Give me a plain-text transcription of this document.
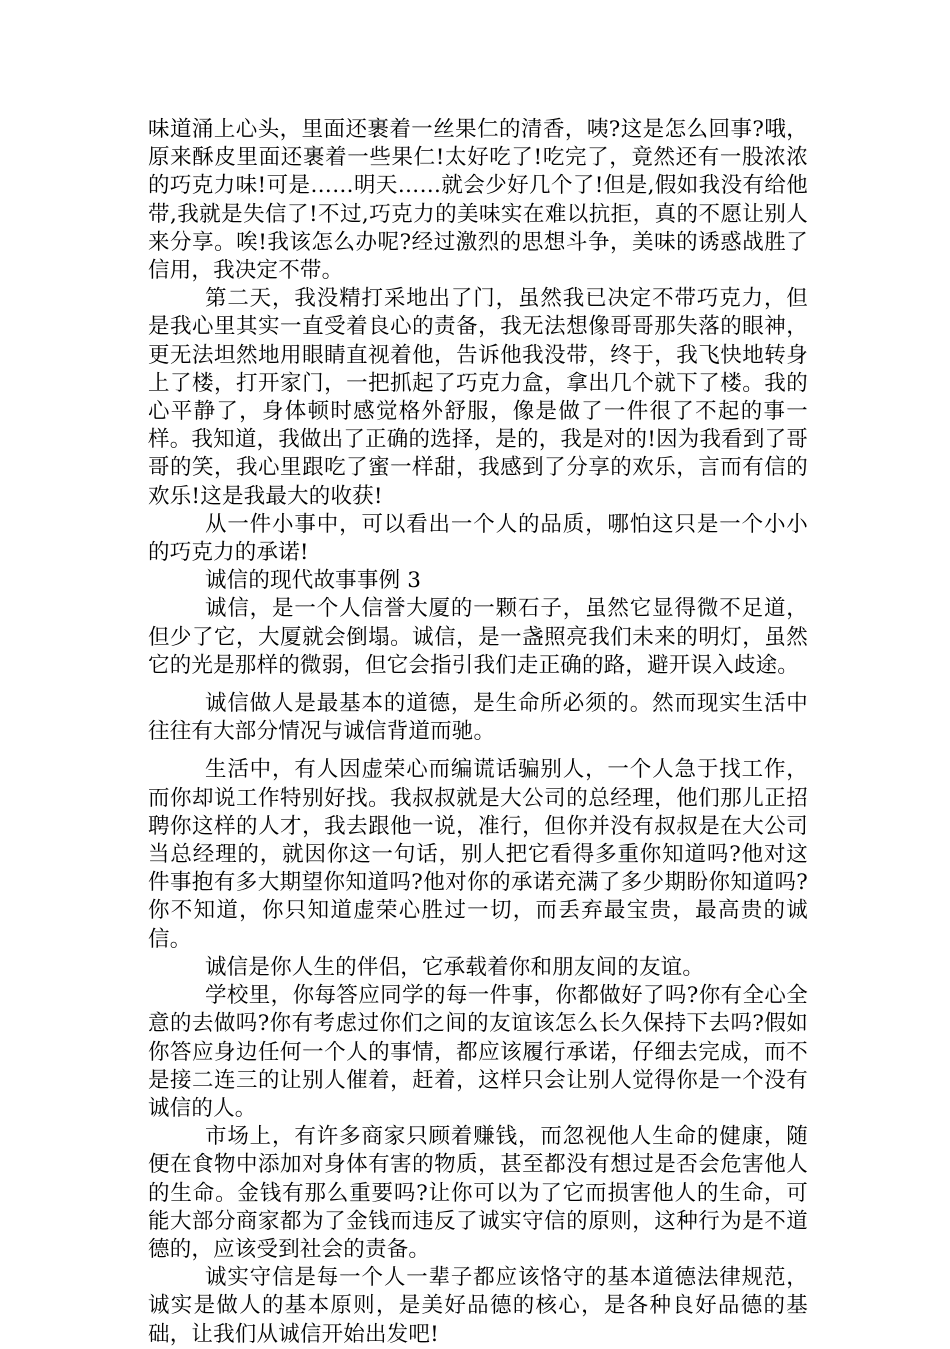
味道涌上心头，里面还裹着一丝果仁的清香，咦?这是怎么回事?哦，原来酥皮里面还裹着一些果仁!太好吃了!吃完了，竟然还有一股浓浓的巧克力味!可是……明天……就会少好几个了!但是,假如我没有给他带,我就是失信了!不过,巧克力的美味实在难以抗拒，真的不愿让别人来分享。唉!我该怎么办呢?经过激烈的思想斗争，美味的诱惑战胜了信用，我决定不带。

第二天，我没精打采地出了门，虽然我已决定不带巧克力，但是我心里其实一直受着良心的责备，我无法想像哥哥那失落的眼神，更无法坦然地用眼睛直视着他，告诉他我没带，终于，我飞快地转身上了楼，打开家门，一把抓起了巧克力盒，拿出几个就下了楼。我的心平静了，身体顿时感觉格外舒服，像是做了一件很了不起的事一样。我知道，我做出了正确的选择，是的，我是对的!因为我看到了哥哥的笑，我心里跟吃了蜜一样甜，我感到了分享的欢乐，言而有信的欢乐!这是我最大的收获!

从一件小事中，可以看出一个人的品质，哪怕这只是一个小小的巧克力的承诺!

诚信的现代故事事例 3

诚信，是一个人信誉大厦的一颗石子，虽然它显得微不足道，但少了它，大厦就会倒塌。诚信，是一盏照亮我们未来的明灯，虽然它的光是那样的微弱，但它会指引我们走正确的路，避开误入歧途。

诚信做人是最基本的道德，是生命所必须的。然而现实生活中往往有大部分情况与诚信背道而驰。

生活中，有人因虚荣心而编谎话骗别人，一个人急于找工作，而你却说工作特别好找。我叔叔就是大公司的总经理，他们那儿正招聘你这样的人才，我去跟他一说，准行，但你并没有叔叔是在大公司当总经理的，就因你这一句话，别人把它看得多重你知道吗?他对这件事抱有多大期望你知道吗?他对你的承诺充满了多少期盼你知道吗?你不知道，你只知道虚荣心胜过一切，而丢弃最宝贵，最高贵的诚信。

诚信是你人生的伴侣，它承载着你和朋友间的友谊。

学校里，你每答应同学的每一件事，你都做好了吗?你有全心全意的去做吗?你有考虑过你们之间的友谊该怎么长久保持下去吗?假如你答应身边任何一个人的事情，都应该履行承诺，仔细去完成，而不是接二连三的让别人催着，赶着，这样只会让别人觉得你是一个没有诚信的人。

市场上，有许多商家只顾着赚钱，而忽视他人生命的健康，随便在食物中添加对身体有害的物质，甚至都没有想过是否会危害他人的生命。金钱有那么重要吗?让你可以为了它而损害他人的生命，可能大部分商家都为了金钱而违反了诚实守信的原则，这种行为是不道德的，应该受到社会的责备。

诚实守信是每一个人一辈子都应该恪守的基本道德法律规范，诚实是做人的基本原则，是美好品德的核心，是各种良好品德的基础，让我们从诚信开始出发吧!
